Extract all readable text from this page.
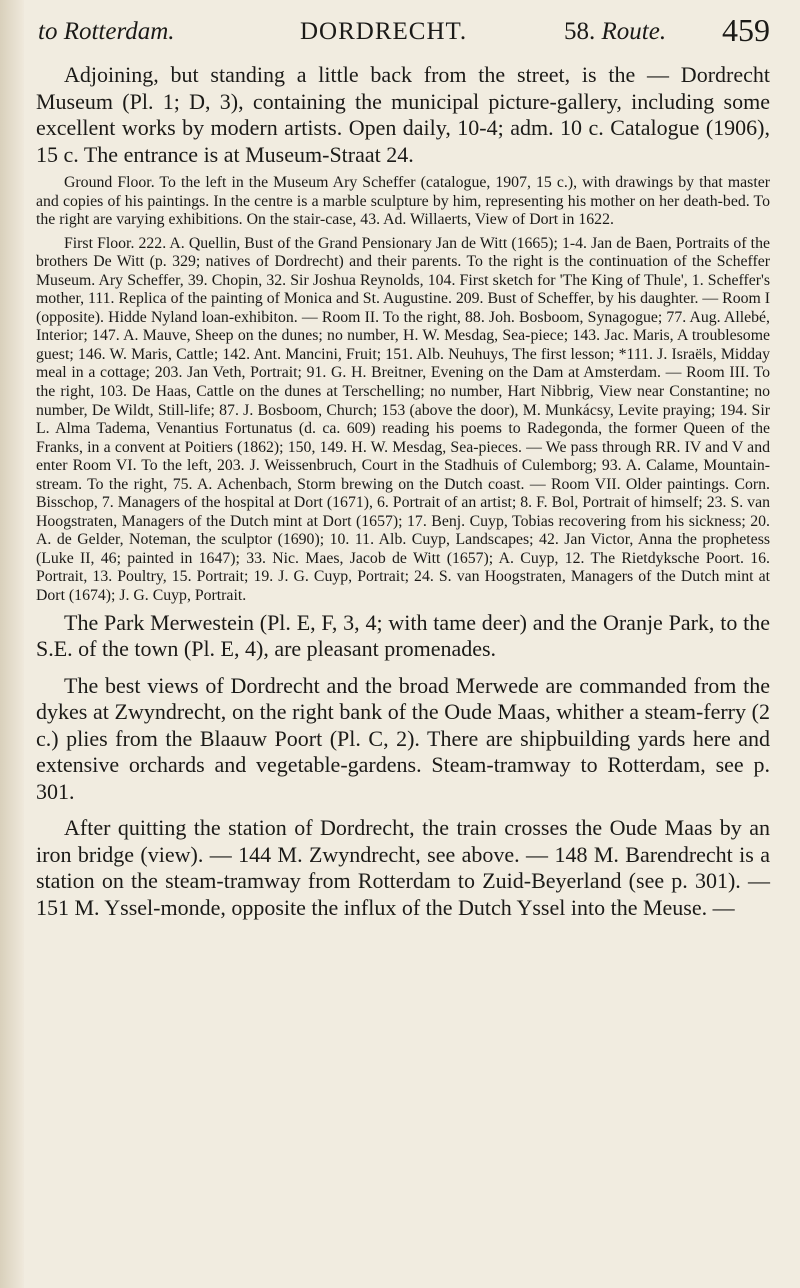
to Rotterdam.	DORDRECHT.	58. Route. 459

Adjoining, but standing a little back from the street, is the — Dordrecht Museum (Pl. 1; D, 3), containing the municipal picture-gallery, including some excellent works by modern artists. Open daily, 10-4; adm. 10 c. Catalogue (1906), 15 c. The entrance is at Museum-Straat 24.

Ground Floor. To the left in the Museum Ary Scheffer (catalogue, 1907, 15 c.), with drawings by that master and copies of his paintings. In the centre is a marble sculpture by him, representing his mother on her death-bed. To the right are varying exhibitions. On the stair-case, 43. Ad. Willaerts, View of Dort in 1622.

First Floor. 222. A. Quellin, Bust of the Grand Pensionary Jan de Witt (1665); 1-4. Jan de Baen, Portraits of the brothers De Witt (p. 329; natives of Dordrecht) and their parents. To the right is the continuation of the Scheffer Museum. Ary Scheffer, 39. Chopin, 32. Sir Joshua Reynolds, 104. First sketch for 'The King of Thule', 1. Scheffer's mother, 111. Replica of the painting of Monica and St. Augustine. 209. Bust of Scheffer, by his daughter. — Room I (opposite). Hidde Nyland loan-exhibiton. — Room II. To the right, 88. Joh. Bosboom, Synagogue; 77. Aug. Allebé, Interior; 147. A. Mauve, Sheep on the dunes; no number, H. W. Mesdag, Sea-piece; 143. Jac. Maris, A troublesome guest; 146. W. Maris, Cattle; 142. Ant. Mancini, Fruit; 151. Alb. Neuhuys, The first lesson; *111. J. Israëls, Midday meal in a cottage; 203. Jan Veth, Portrait; 91. G. H. Breitner, Evening on the Dam at Amsterdam. — Room III. To the right, 103. De Haas, Cattle on the dunes at Terschelling; no number, Hart Nibbrig, View near Constantine; no number, De Wildt, Still-life; 87. J. Bosboom, Church; 153 (above the door), M. Munkácsy, Levite praying; 194. Sir L. Alma Tadema, Venantius Fortunatus (d. ca. 609) reading his poems to Radegonda, the former Queen of the Franks, in a convent at Poitiers (1862); 150, 149. H. W. Mesdag, Sea-pieces. — We pass through RR. IV and V and enter Room VI. To the left, 203. J. Weissenbruch, Court in the Stadhuis of Culemborg; 93. A. Calame, Mountain-stream. To the right, 75. A. Achenbach, Storm brewing on the Dutch coast. — Room VII. Older paintings. Corn. Bisschop, 7. Managers of the hospital at Dort (1671), 6. Portrait of an artist; 8. F. Bol, Portrait of himself; 23. S. van Hoogstraten, Managers of the Dutch mint at Dort (1657); 17. Benj. Cuyp, Tobias recovering from his sickness; 20. A. de Gelder, Noteman, the sculptor (1690); 10. 11. Alb. Cuyp, Landscapes; 42. Jan Victor, Anna the prophetess (Luke II, 46; painted in 1647); 33. Nic. Maes, Jacob de Witt (1657); A. Cuyp, 12. The Rietdyksche Poort. 16. Portrait, 13. Poultry, 15. Portrait; 19. J. G. Cuyp, Portrait; 24. S. van Hoogstraten, Managers of the Dutch mint at Dort (1674); J. G. Cuyp, Portrait.

The Park Merwestein (Pl. E, F, 3, 4; with tame deer) and the Oranje Park, to the S.E. of the town (Pl. E, 4), are pleasant promenades.

The best views of Dordrecht and the broad Merwede are commanded from the dykes at Zwyndrecht, on the right bank of the Oude Maas, whither a steam-ferry (2 c.) plies from the Blaauw Poort (Pl. C, 2). There are shipbuilding yards here and extensive orchards and vegetable-gardens. Steam-tramway to Rotterdam, see p. 301.

After quitting the station of Dordrecht, the train crosses the Oude Maas by an iron bridge (view). — 144 M. Zwyndrecht, see above. — 148 M. Barendrecht is a station on the steam-tramway from Rotterdam to Zuid-Beyerland (see p. 301). — 151 M. Yssel-monde, opposite the influx of the Dutch Yssel into the Meuse. —
